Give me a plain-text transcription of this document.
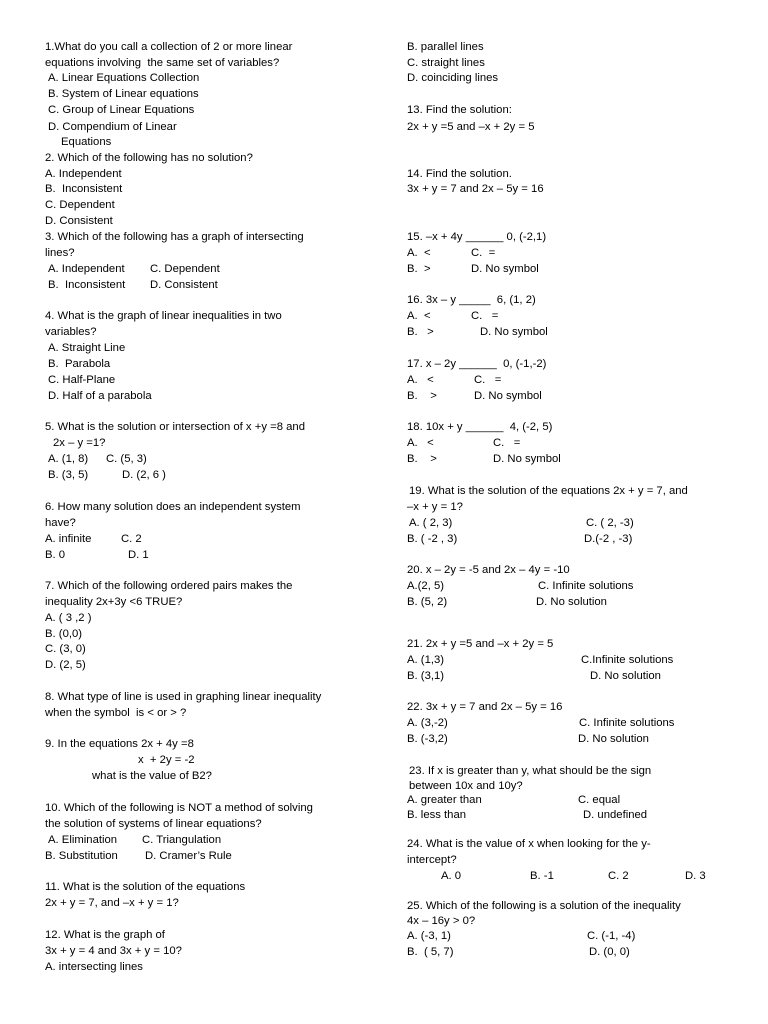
1.What do you call a collection of 2 or more linear
equations involving  the same set of variables?
A. Linear Equations Collection
B. System of Linear equations
C. Group of Linear Equations
D. Compendium of Linear
Equations
2. Which of the following has no solution?
A. Independent
B.  Inconsistent
C. Dependent
D. Consistent
3. Which of the following has a graph of intersecting
lines?
A. Independent C. Dependent
B.  Inconsistent D. Consistent
4. What is the graph of linear inequalities in two
variables?
A. Straight Line
B.  Parabola
C. Half-Plane
D. Half of a parabola
5. What is the solution or intersection of x +y =8 and
2x – y =1?
A. (1, 8) C. (5, 3)
B. (3, 5)	D. (2, 6 )
6. How many solution does an independent system
have?
A. infinite	C. 2
B. 0	D. 1
7. Which of the following ordered pairs makes the
inequality 2x+3y <6 TRUE?
A. ( 3 ,2 )
B. (0,0)
C. (3, 0)
D. (2, 5)
8. What type of line is used in graphing linear inequality
when the symbol  is < or > ?
9. In the equations 2x + 4y =8
x  + 2y = -2
what is the value of B2?
10. Which of the following is NOT a method of solving
the solution of systems of linear equations?
A. Elimination C. Triangulation
B. Substitution D. Cramer’s Rule
11. What is the solution of the equations
2x + y = 7, and –x + y = 1?
12. What is the graph of
3x + y = 4 and 3x + y = 10?
A. intersecting lines
B. parallel lines
C. straight lines
D. coinciding lines
13. Find the solution:
2x + y =5 and –x + 2y = 5
14. Find the solution.
3x + y = 7 and 2x – 5y = 16
15. –x + 4y ______ 0, (-2,1)
A.  <	C.  =
B.  >	D. No symbol
16. 3x – y _____  6, (1, 2)
A.  <	C.   =
B.   >	D. No symbol
17. x – 2y ______  0, (-1,-2)
A.   <	C.   =
B.    >	D. No symbol
18. 10x + y ______  4, (-2, 5)
A.   <	C.   =
B.    >	D. No symbol
19. What is the solution of the equations 2x + y = 7, and
–x + y = 1?
A. ( 2, 3)	C. ( 2, -3)
B. ( -2 , 3)	D.(-2 , -3)
20. x – 2y = -5 and 2x – 4y = -10
A.(2, 5)	C. Infinite solutions
B. (5, 2)	D. No solution
21. 2x + y =5 and –x + 2y = 5
A. (1,3)	C.Infinite solutions
B. (3,1)	D. No solution
22. 3x + y = 7 and 2x – 5y = 16
A. (3,-2)	C. Infinite solutions
B. (-3,2)	D. No solution
23. If x is greater than y, what should be the sign
between 10x and 10y?
A. greater than	C. equal
B. less than	D. undefined
24. What is the value of x when looking for the y-
intercept?
A. 0	B. -1	C. 2	D. 3
25. Which of the following is a solution of the inequality
4x – 16y > 0?
A. (-3, 1)	C. (-1, -4)
B.  ( 5, 7)	D. (0, 0)
